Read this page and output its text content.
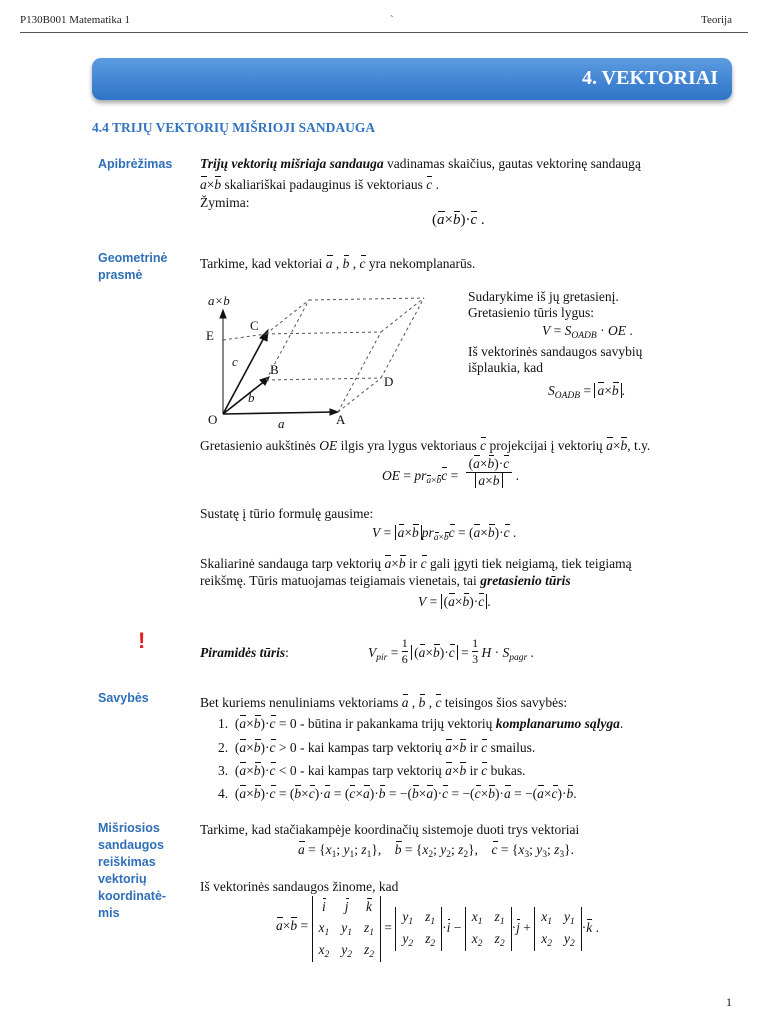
P130B001 Matematika 1	`	Teorija
4. VEKTORIAI
4.4 TRIJŲ VEKTORIŲ MIŠRIOJI SANDAUGA
Apibrėžimas
Geometrinė
prasmė
!
Savybės
Mišriosios
sandaugos
reiškimas
vektorių
koordinatė-
mis
Trijų vektorių mišriaja sandauga vadinamas skaičius, gautas vektorinę sandaugą
a×b skaliariškai padauginus iš vektoriaus c .
Žymima:
(a×b)·c .
Tarkime, kad vektoriai a , b , c yra nekomplanarūs.
a×b
E
C
B
D
O	A
a
b
c
Sudarykime iš jų gretasienį.
Gretasienio tūris lygus:
$V = S_{OADB}$ · OE .
Iš vektorinės sandaugos savybių
išplaukia, kad
$S_{OADB} = a\times b$ .
Gretasienio aukštinės OE ilgis yra lygus vektoriaus c projekcijai į vektorių a×b, t.y.
OE = $pr_{a\times b}c = \frac{(a\times b)\cdot c}{a\times b}$ .
Sustatę į tūrio formulę gausime:
V = a×b $pr_{a\times b}c = (a\times b)\cdot c$ .
Skaliarinė sandauga tarp vektorių a×b ir c gali įgyti tiek neigiamą, tiek teigiamą
reikšmę. Tūris matuojamas teigiamais vienetais, tai gretasienio tūris
V = (a×b)·c .
Piramidės tūris:	$V_{pir} = \frac{1}{6} (a\times b)\cdot c = \frac{1}{3}$ $H \cdot S_{pagr}$ .
Bet kuriems nenuliniams vektoriams a , b , c teisingos šios savybės:
1.  (a×b)·c = 0 - būtina ir pakankama trijų vektorių komplanarumo sąlyga.
2.  (a×b)·c > 0 - kai kampas tarp vektorių a×b ir c smailus.
3.  (a×b)·c < 0 - kai kampas tarp vektorių a×b ir c bukas.
4.  (a×b)·c = (b×c)·a = (c×a)·b = −(b×a)·c = −(c×b)·a = −(a×c)·b.
Tarkime, kad stačiakampėje koordinačių sistemoje duoti trys vektoriai
$a = \{x_1$; $y_1$; $z_1$},    $b = \{x_2$; $y_2$; $z_2$},    $c = \{x_3$; $y_3$; $z_3$}.
Iš vektorinės sandaugos žinome, kad
a×b = i	j	k
$x_1$	$y_1$	$z_1$
$x_2$	$y_2$	$z_2 = y_1$	$z_1$
$y_2$	$z_2\cdot i - x_1$	$z_1$
$x_2$	$z_2\cdot j + x_1$	$y_1$
$x_2$	$y_2\cdot k$ .
1
